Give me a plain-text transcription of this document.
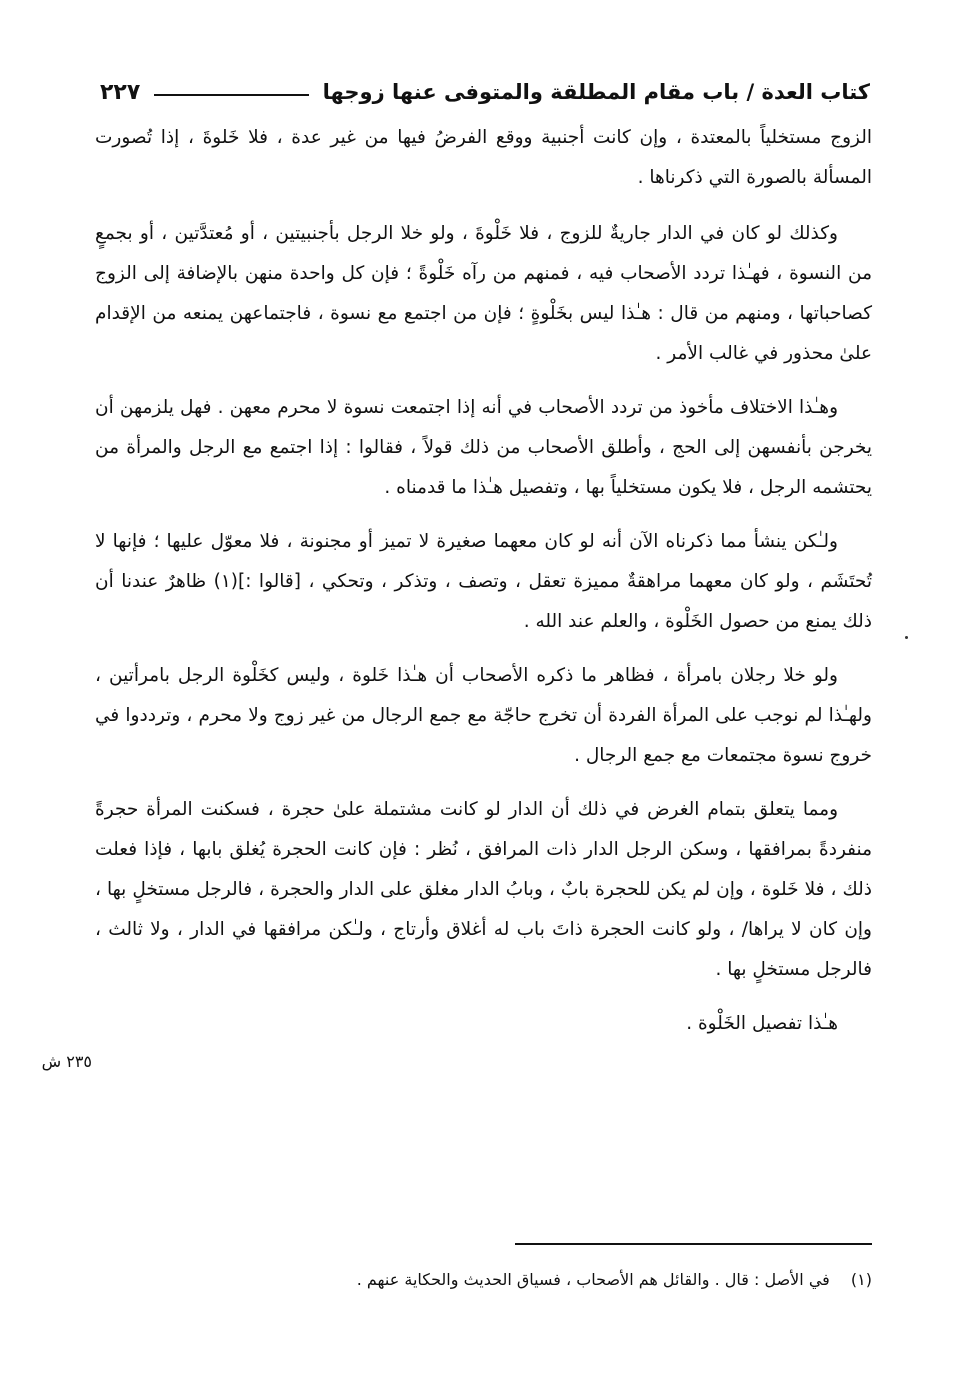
كتاب العدة / باب مقام المطلقة والمتوفى عنها زوجها
٢٢٧

الزوج مستخلياً بالمعتدة ، وإن كانت أجنبية ووقع الفرضُ فيها من غير عدة ، فلا خَلوةَ ، إذا تُصورت المسألة بالصورة التي ذكرناها .

وكذلك لو كان في الدار جاريةٌ للزوج ، فلا خَلْوةَ ، ولو خلا الرجل بأجنبيتين ، أو مُعتدَّتين ، أو بجمعٍ من النسوة ، فهـٰذا تردد الأصحاب فيه ، فمنهم من رآه خَلْوةً ؛ فإن كل واحدة منهن بالإضافة إلى الزوج كصاحباتها ، ومنهم من قال : هـٰذا ليس بخَلْوةٍ ؛ فإن من اجتمع مع نسوة ، فاجتماعهن يمنعه من الإقدام علىٰ محذور في غالب الأمر .

وهـٰذا الاختلاف مأخوذ من تردد الأصحاب في أنه إذا اجتمعت نسوة لا محرم معهن . فهل يلزمهن أن يخرجن بأنفسهن إلى الحج ، وأطلق الأصحاب من ذلك قولاً ، فقالوا : إذا اجتمع مع الرجل والمرأة من يحتشمه الرجل ، فلا يكون مستخلياً بها ، وتفصيل هـٰذا ما قدمناه .

ولـٰكن ينشأ مما ذكرناه الآن أنه لو كان معهما صغيرة لا تميز أو مجنونة ، فلا معوّل عليها ؛ فإنها لا تُحتَشَم ، ولو كان معهما مراهقةٌ مميزة تعقل ، وتصف ، وتذكر ، وتحكي ، [قالوا :](١) ظاهرٌ عندنا أن ذلك يمنع من حصول الخَلْوة ، والعلم عند الله .

ولو خلا رجلان بامرأة ، فظاهر ما ذكره الأصحاب أن هـٰذا خَلوة ، وليس كخَلْوة الرجل بامرأتين ، ولهـٰذا لم نوجب على المرأة الفردة أن تخرج حاجّة مع جمع الرجال من غير زوج ولا محرم ، وترددوا في خروج نسوة مجتمعات مع جمع الرجال .

ومما يتعلق بتمام الغرض في ذلك أن الدار لو كانت مشتملة علىٰ حجرة ، فسكنت المرأة حجرةً منفردةً بمرافقها ، وسكن الرجل الدار ذات المرافق ، نُظر : فإن كانت الحجرة يُغلق بابها ، فإذا فعلت ذلك ، فلا خَلوة ، وإن لم يكن للحجرة بابٌ ، وبابُ الدار مغلق على الدار والحجرة ، فالرجل مستخلٍ بها ، وإن كان لا يراها/ ، ولو كانت الحجرة ذاتَ باب له أغلاق وأرتاج ، ولـٰكن مرافقها في الدار ، ولا ثالث ، فالرجل مستخلٍ بها .

هـٰذا تفصيل الخَلْوة .

٢٣٥ ش
(١) في الأصل : قال . والقائل هم الأصحاب ، فسياق الحديث والحكاية عنهم .
